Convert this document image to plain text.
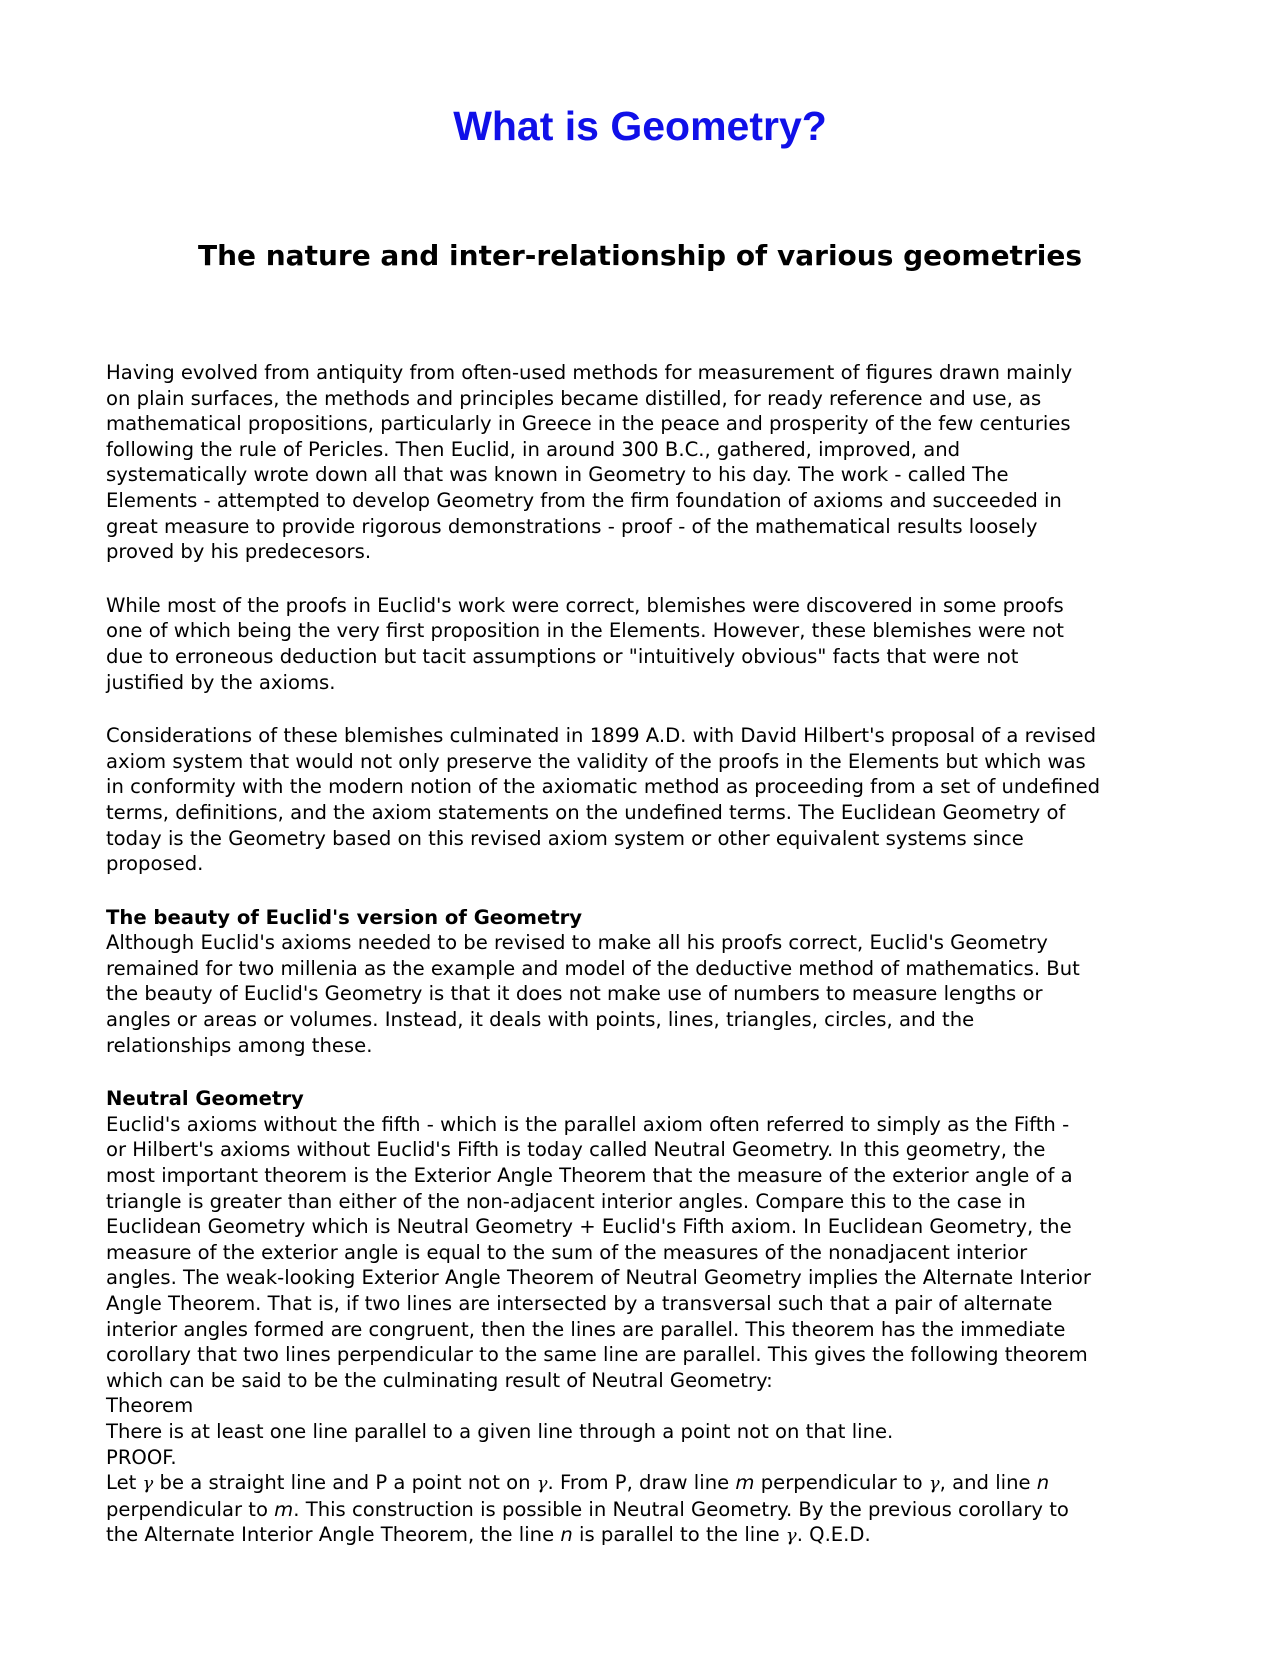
What is Geometry?
The nature and inter-relationship of various geometries
Having evolved from antiquity from often-used methods for measurement of figures drawn mainly
on plain surfaces, the methods and principles became distilled, for ready reference and use, as
mathematical propositions, particularly in Greece in the peace and prosperity of the few centuries
following the rule of Pericles. Then Euclid, in around 300 B.C., gathered, improved, and
systematically wrote down all that was known in Geometry to his day. The work - called The
Elements - attempted to develop Geometry from the firm foundation of axioms and succeeded in
great measure to provide rigorous demonstrations - proof - of the mathematical results loosely
proved by his predecesors.
While most of the proofs in Euclid's work were correct, blemishes were discovered in some proofs
one of which being the very first proposition in the Elements. However, these blemishes were not
due to erroneous deduction but tacit assumptions or "intuitively obvious" facts that were not
justified by the axioms.
Considerations of these blemishes culminated in 1899 A.D. with David Hilbert's proposal of a revised
axiom system that would not only preserve the validity of the proofs in the Elements but which was
in conformity with the modern notion of the axiomatic method as proceeding from a set of undefined
terms, definitions, and the axiom statements on the undefined terms. The Euclidean Geometry of
today is the Geometry based on this revised axiom system or other equivalent systems since
proposed.
The beauty of Euclid's version of Geometry
Although Euclid's axioms needed to be revised to make all his proofs correct, Euclid's Geometry
remained for two millenia as the example and model of the deductive method of mathematics. But
the beauty of Euclid's Geometry is that it does not make use of numbers to measure lengths or
angles or areas or volumes. Instead, it deals with points, lines, triangles, circles, and the
relationships among these.
Neutral Geometry
Euclid's axioms without the fifth - which is the parallel axiom often referred to simply as the Fifth -
or Hilbert's axioms without Euclid's Fifth is today called Neutral Geometry. In this geometry, the
most important theorem is the Exterior Angle Theorem that the measure of the exterior angle of a
triangle is greater than either of the non-adjacent interior angles. Compare this to the case in
Euclidean Geometry which is Neutral Geometry + Euclid's Fifth axiom. In Euclidean Geometry, the
measure of the exterior angle is equal to the sum of the measures of the nonadjacent interior
angles. The weak-looking Exterior Angle Theorem of Neutral Geometry implies the Alternate Interior
Angle Theorem. That is, if two lines are intersected by a transversal such that a pair of alternate
interior angles formed are congruent, then the lines are parallel. This theorem has the immediate
corollary that two lines perpendicular to the same line are parallel. This gives the following theorem
which can be said to be the culminating result of Neutral Geometry:
Theorem
There is at least one line parallel to a given line through a point not on that line.
PROOF.
Let γ be a straight line and P a point not on γ. From P, draw line m perpendicular to γ, and line n
perpendicular to m. This construction is possible in Neutral Geometry. By the previous corollary to
the Alternate Interior Angle Theorem, the line n is parallel to the line γ. Q.E.D.
